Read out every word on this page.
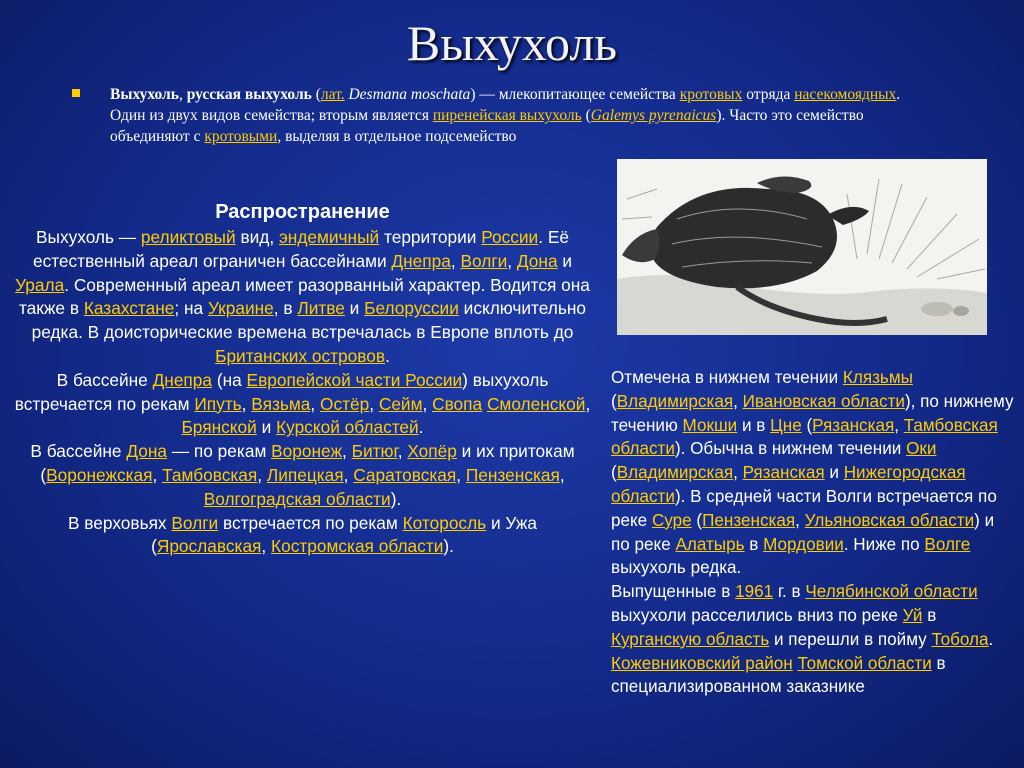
Выхухоль
Выхухоль, русская выхухоль (лат. Desmana moschata) — млекопитающее семейства кротовых отряда насекомоядных. Один из двух видов семейства; вторым является пиренейская выхухоль (Galemys pyrenaicus). Часто это семейство объединяют с кротовыми, выделяя в отдельное подсемейство
Распространение
Выхухоль — реликтовый вид, эндемичный территории России. Её естественный ареал ограничен бассейнами Днепра, Волги, Дона и Урала. Современный ареал имеет разорванный характер. Водится она также в Казахстане; на Украине, в Литве и Белоруссии исключительно редка. В доисторические времена встречалась в Европе вплоть до Британских островов.
В бассейне Днепра (на Европейской части России) выхухоль встречается по рекам Ипуть, Вязьма, Остёр, Сейм, Свопа Смоленской, Брянской и Курской областей.
В бассейне Дона — по рекам Воронеж, Битюг, Хопёр и их притокам (Воронежская, Тамбовская, Липецкая, Саратовская, Пензенская, Волгоградская области).
В верховьях Волги встречается по рекам Которосль и Ужа (Ярославская, Костромская области).
Отмечена в нижнем течении Клязьмы (Владимирская, Ивановская области), по нижнему течению Мокши и в Цне (Рязанская, Тамбовская области). Обычна в нижнем течении Оки (Владимирская, Рязанская и Нижегородская области). В средней части Волги встречается по реке Суре (Пензенская, Ульяновская области) и по реке Алатырь в Мордовии. Ниже по Волге выхухоль редка.
Выпущенные в 1961 г. в Челябинской области выхухоли расселились вниз по реке Уй в Курганскую область и перешли в пойму Тобола.
Кожевниковский район Томской области в специализированном заказнике
